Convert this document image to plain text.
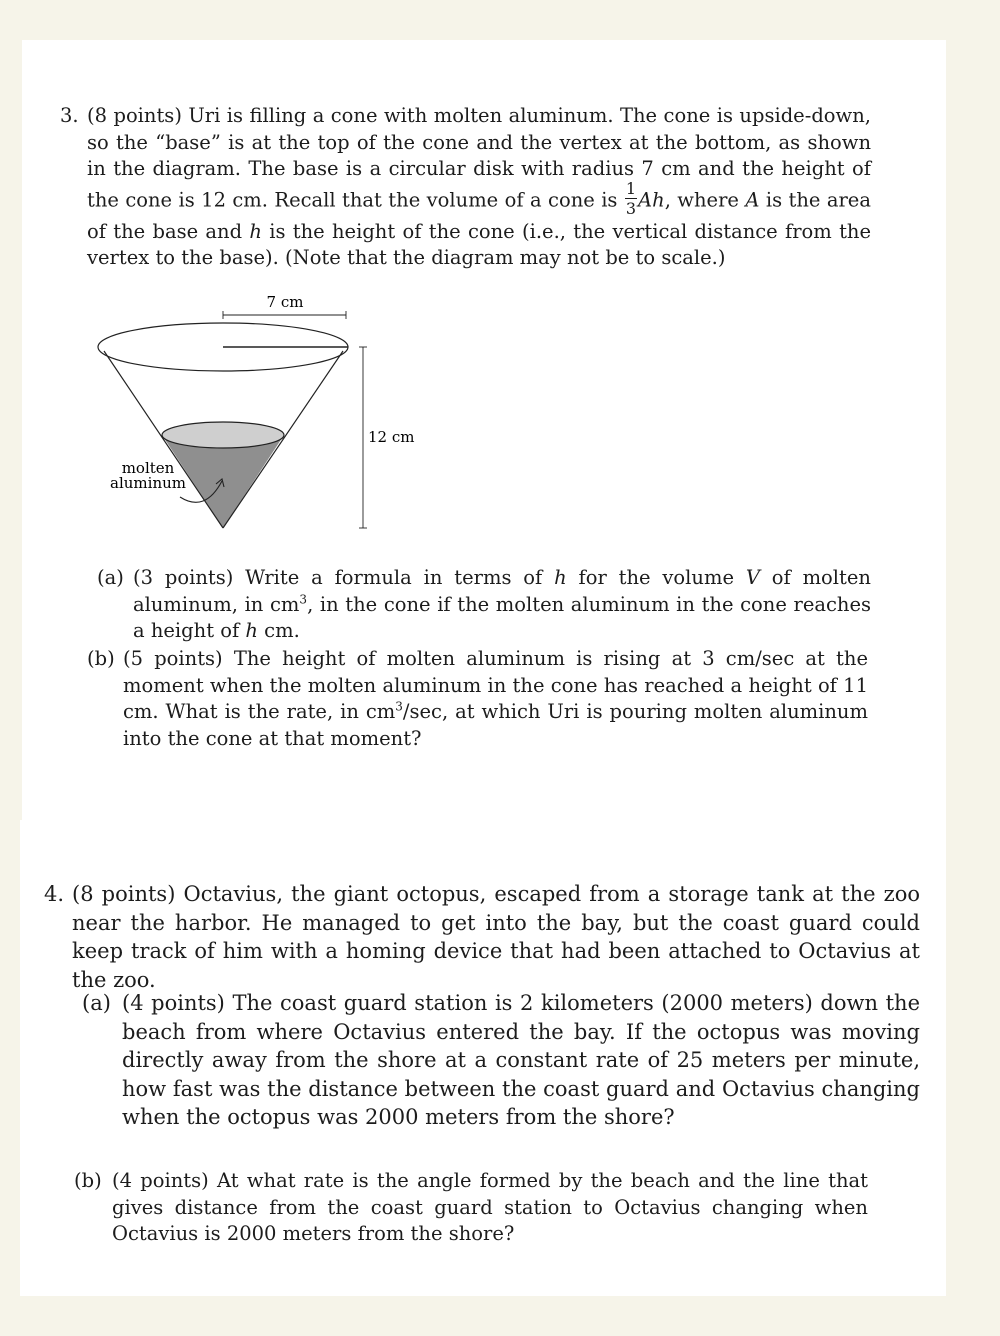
3. (8 points) Uri is filling a cone with molten aluminum. The cone is upside-down, so the “base” is at the top of the cone and the vertex at the bottom, as shown in the diagram. The base is a circular disk with radius 7 cm and the height of the cone is 12 cm. Recall that the volume of a cone is $\frac{1}{3} Ah$, where A is the area of the base and h is the height of the cone (i.e., the vertical distance from the vertex to the base). (Note that the diagram may not be to scale.)

7 cm
12 cm
molten
aluminum
(a) (3 points) Write a formula in terms of h for the volume V of molten aluminum, in $cm^3$, in the cone if the molten aluminum in the cone reaches a height of h cm.

(b) (5 points) The height of molten aluminum is rising at 3 cm/sec at the moment when the molten aluminum in the cone has reached a height of 11 cm. What is the rate, in $cm^3/\sec$, at which Uri is pouring molten aluminum into the cone at that moment?

4. (8 points) Octavius, the giant octopus, escaped from a storage tank at the zoo near the harbor. He managed to get into the bay, but the coast guard could keep track of him with a homing device that had been attached to Octavius at the zoo.

(a) (4 points) The coast guard station is 2 kilometers (2000 meters) down the beach from where Octavius entered the bay. If the octopus was moving directly away from the shore at a constant rate of 25 meters per minute, how fast was the distance between the coast guard and Octavius changing when the octopus was 2000 meters from the shore?

(b) (4 points) At what rate is the angle formed by the beach and the line that gives distance from the coast guard station to Octavius changing when Octavius is 2000 meters from the shore?
